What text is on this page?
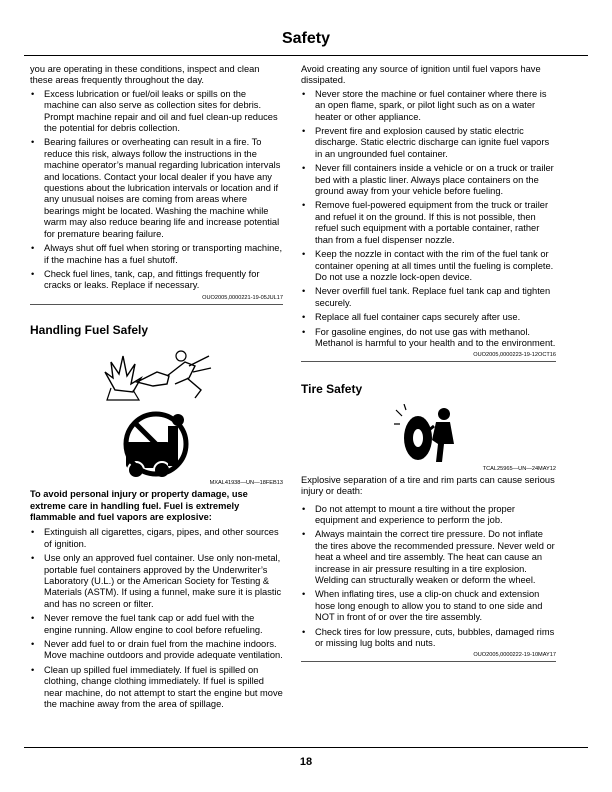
Safety

you are operating in these conditions, inspect and clean these areas frequently throughout the day.

• Excess lubrication or fuel/oil leaks or spills on the machine can also serve as collection sites for debris. Prompt machine repair and oil and fuel clean-up reduces the potential for debris collection.
• Bearing failures or overheating can result in a fire. To reduce this risk, always follow the instructions in the machine operator’s manual regarding lubrication intervals and locations. Contact your local dealer if you have any questions about the lubrication intervals or location and if any unusual noises are coming from areas where bearings might be located. Washing the machine while warm may also reduce bearing life and increase potential for premature bearing failure.
• Always shut off fuel when storing or transporting machine, if the machine has a fuel shutoff.
• Check fuel lines, tank, cap, and fittings frequently for cracks or leaks. Replace if necessary.
OUO2005,0000221-19-05JUL17
Handling Fuel Safely
MXAL41938—UN—18FEB13

To avoid personal injury or property damage, use extreme care in handling fuel. Fuel is extremely flammable and fuel vapors are explosive:

• Extinguish all cigarettes, cigars, pipes, and other sources of ignition.
• Use only an approved fuel container. Use only non-metal, portable fuel containers approved by the Underwriter’s Laboratory (U.L.) or the American Society for Testing & Materials (ASTM). If using a funnel, make sure it is plastic and has no screen or filter.
• Never remove the fuel tank cap or add fuel with the engine running. Allow engine to cool before refueling.
• Never add fuel to or drain fuel from the machine indoors. Move machine outdoors and provide adequate ventilation.
• Clean up spilled fuel immediately. If fuel is spilled on clothing, change clothing immediately. If fuel is spilled near machine, do not attempt to start the engine but move the machine away from the area of spillage.

Avoid creating any source of ignition until fuel vapors have dissipated.

• Never store the machine or fuel container where there is an open flame, spark, or pilot light such as on a water heater or other appliance.
• Prevent fire and explosion caused by static electric discharge. Static electric discharge can ignite fuel vapors in an ungrounded fuel container.
• Never fill containers inside a vehicle or on a truck or trailer bed with a plastic liner. Always place containers on the ground away from your vehicle before fueling.
• Remove fuel-powered equipment from the truck or trailer and refuel it on the ground. If this is not possible, then refuel such equipment with a portable container, rather than from a fuel dispenser nozzle.
• Keep the nozzle in contact with the rim of the fuel tank or container opening at all times until the fueling is complete. Do not use a nozzle lock-open device.
• Never overfill fuel tank. Replace fuel tank cap and tighten securely.
• Replace all fuel container caps securely after use.
• For gasoline engines, do not use gas with methanol. Methanol is harmful to your health and to the environment.
OUO2005,0000223-19-12OCT16
Tire Safety
TCAL25965—UN—24MAY12

Explosive separation of a tire and rim parts can cause serious injury or death:

• Do not attempt to mount a tire without the proper equipment and experience to perform the job.
• Always maintain the correct tire pressure. Do not inflate the tires above the recommended pressure. Never weld or heat a wheel and tire assembly. The heat can cause an increase in air pressure resulting in a tire explosion. Welding can structurally weaken or deform the wheel.
• When inflating tires, use a clip-on chuck and extension hose long enough to allow you to stand to one side and NOT in front of or over the tire assembly.
• Check tires for low pressure, cuts, bubbles, damaged rims or missing lug bolts and nuts.
OUO2005,0000222-19-10MAY17
18
